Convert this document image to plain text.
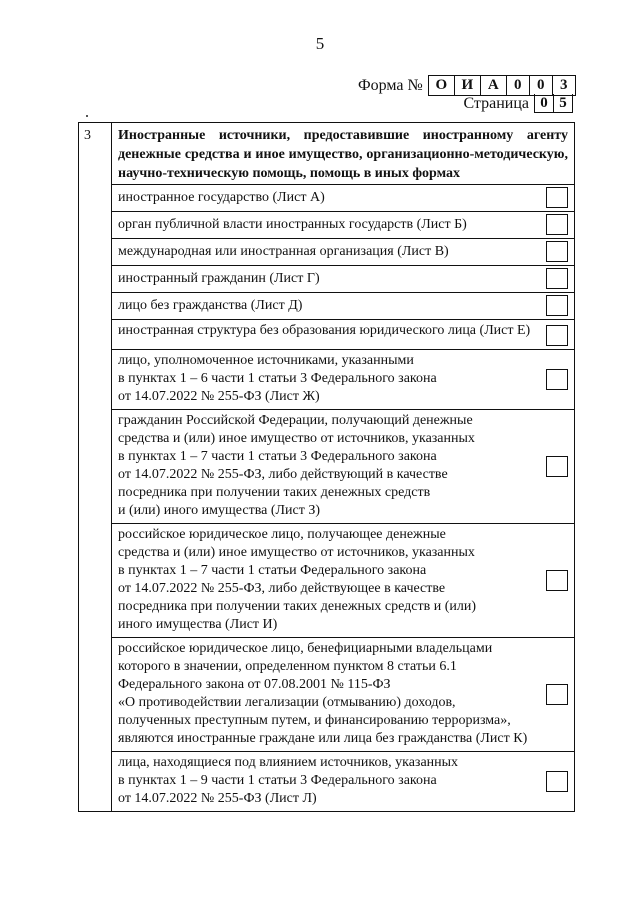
5
Форма № О И А	0	0	3
Страница 0 5
3	Иностранные источники, предоставившие иностранному агенту денежные средства и иное имущество, организационно-методическую, научно-техническую помощь, помощь в иных формах

иностранное государство (Лист А)

орган публичной власти иностранных государств (Лист Б)

международная или иностранная организация (Лист В)

иностранный гражданин (Лист Г)

лицо без гражданства (Лист Д)

иностранная структура без образования юридического лица (Лист Е)

лицо, уполномоченное источниками, указанными
в пунктах 1 – 6 части 1 статьи 3 Федерального закона
от 14.07.2022 № 255-ФЗ (Лист Ж)

гражданин Российской Федерации, получающий денежные
средства и (или) иное имущество от источников, указанных
в пунктах 1 – 7 части 1 статьи 3 Федерального закона
от 14.07.2022 № 255-ФЗ, либо действующий в качестве
посредника при получении таких денежных средств
и (или) иного имущества (Лист З)

российское юридическое лицо, получающее денежные
средства и (или) иное имущество от источников, указанных
в пунктах 1 – 7 части 1 статьи Федерального закона
от 14.07.2022 № 255-ФЗ, либо действующее в качестве
посредника при получении таких денежных средств и (или)
иного имущества (Лист И)

российское юридическое лицо, бенефициарными владельцами
которого в значении, определенном пунктом 8 статьи 6.1
Федерального закона от 07.08.2001 № 115-ФЗ
«О противодействии легализации (отмыванию) доходов,
полученных преступным путем, и финансированию терроризма»,
являются иностранные граждане или лица без гражданства (Лист К)

лица, находящиеся под влиянием источников, указанных
в пунктах 1 – 9 части 1 статьи 3 Федерального закона
от 14.07.2022 № 255-ФЗ (Лист Л)
